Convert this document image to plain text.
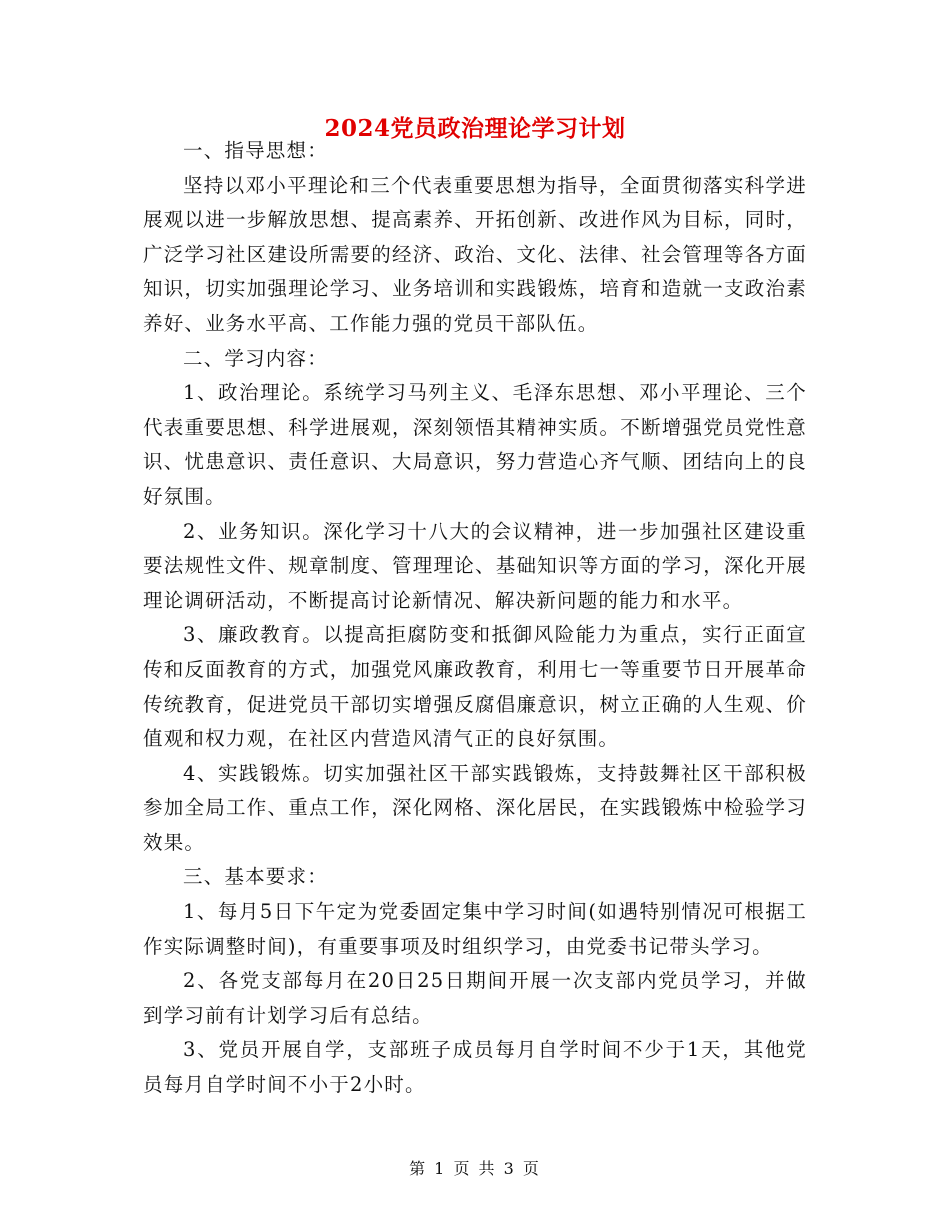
2024党员政治理论学习计划

一、指导思想：

坚持以邓小平理论和三个代表重要思想为指导，全面贯彻落实科学进展观以进一步解放思想、提高素养、开拓创新、改进作风为目标，同时，广泛学习社区建设所需要的经济、政治、文化、法律、社会管理等各方面知识，切实加强理论学习、业务培训和实践锻炼，培育和造就一支政治素养好、业务水平高、工作能力强的党员干部队伍。

二、学习内容：

1、政治理论。系统学习马列主义、毛泽东思想、邓小平理论、三个代表重要思想、科学进展观，深刻领悟其精神实质。不断增强党员党性意识、忧患意识、责任意识、大局意识，努力营造心齐气顺、团结向上的良好氛围。

2、业务知识。深化学习十八大的会议精神，进一步加强社区建设重要法规性文件、规章制度、管理理论、基础知识等方面的学习，深化开展理论调研活动，不断提高讨论新情况、解决新问题的能力和水平。

3、廉政教育。以提高拒腐防变和抵御风险能力为重点，实行正面宣传和反面教育的方式，加强党风廉政教育，利用七一等重要节日开展革命传统教育，促进党员干部切实增强反腐倡廉意识，树立正确的人生观、价值观和权力观，在社区内营造风清气正的良好氛围。

4、实践锻炼。切实加强社区干部实践锻炼，支持鼓舞社区干部积极参加全局工作、重点工作，深化网格、深化居民，在实践锻炼中检验学习效果。

三、基本要求：

1、每月5日下午定为党委固定集中学习时间(如遇特别情况可根据工作实际调整时间)，有重要事项及时组织学习，由党委书记带头学习。

2、各党支部每月在20日25日期间开展一次支部内党员学习，并做到学习前有计划学习后有总结。

3、党员开展自学，支部班子成员每月自学时间不少于1天，其他党员每月自学时间不小于2小时。

第 1 页 共 3 页
